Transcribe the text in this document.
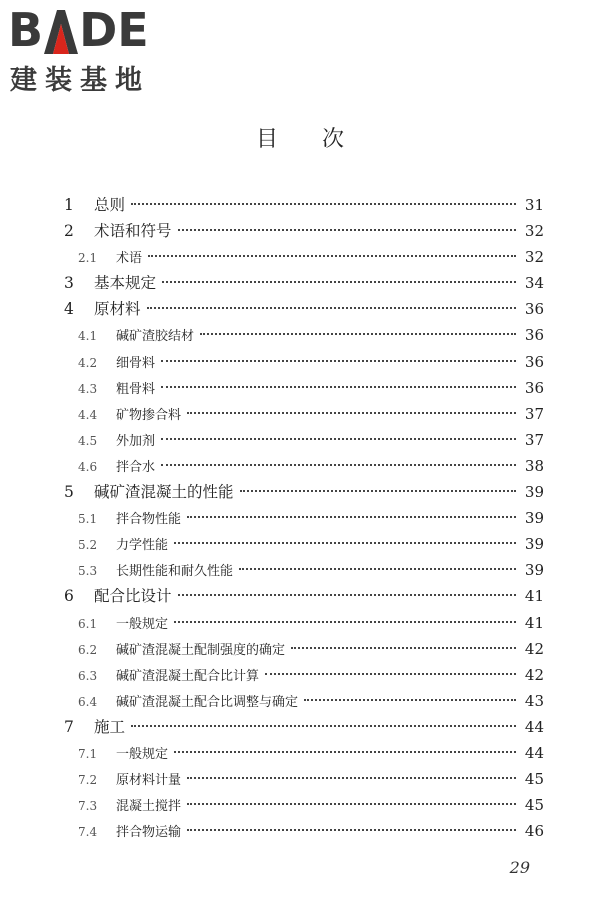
B D E
建装基地
目 次
1	总则	31
2	术语和符号	32
2.1	术语	32
3	基本规定	34
4	原材料	36
4.1	碱矿渣胶结材	36
4.2	细骨料	36
4.3	粗骨料	36
4.4	矿物掺合料	37
4.5	外加剂	37
4.6	拌合水	38
5	碱矿渣混凝土的性能	39
5.1	拌合物性能	39
5.2	力学性能	39
5.3	长期性能和耐久性能	39
6	配合比设计	41
6.1	一般规定	41
6.2	碱矿渣混凝土配制强度的确定	42
6.3	碱矿渣混凝土配合比计算	42
6.4	碱矿渣混凝土配合比调整与确定	43
7	施工	44
7.1	一般规定	44
7.2	原材料计量	45
7.3	混凝土搅拌	45
7.4	拌合物运输	46
29
